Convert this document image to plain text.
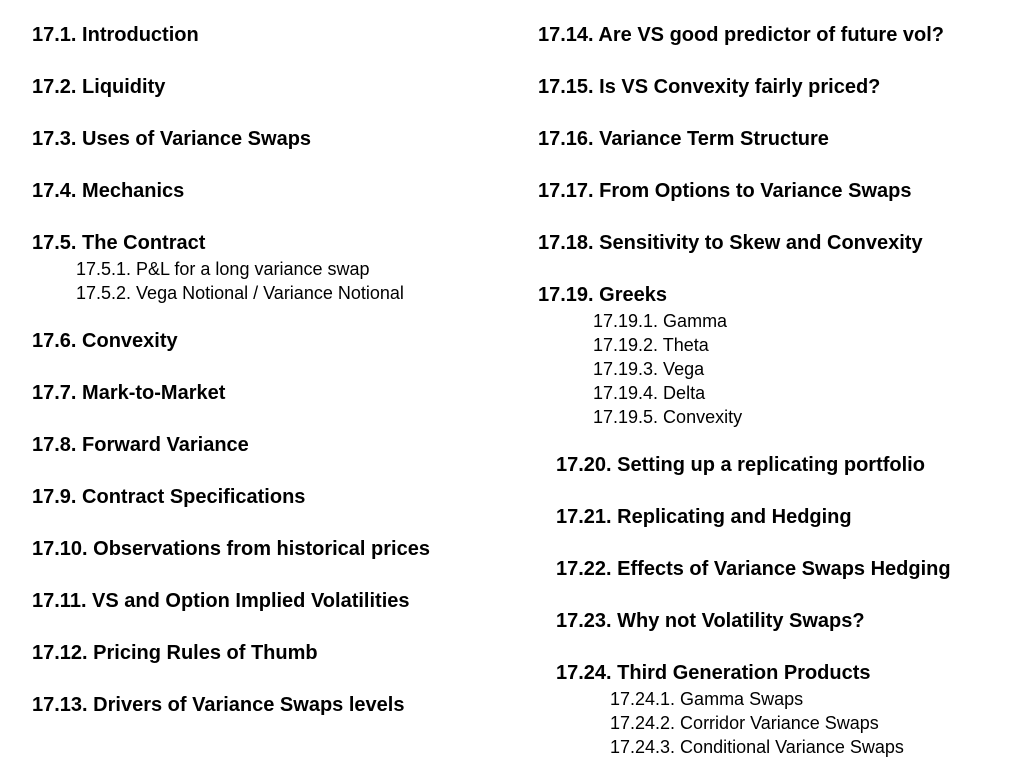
17.1. Introduction
17.2. Liquidity
17.3. Uses of Variance Swaps
17.4. Mechanics
17.5. The Contract
17.5.1. P&L for a long variance swap
17.5.2. Vega Notional / Variance Notional
17.6. Convexity
17.7. Mark-to-Market
17.8. Forward Variance
17.9. Contract Specifications
17.10. Observations from historical prices
17.11. VS and Option Implied Volatilities
17.12. Pricing Rules of Thumb
17.13. Drivers of Variance Swaps levels
17.14. Are VS good predictor of future vol?
17.15. Is VS Convexity fairly priced?
17.16. Variance Term Structure
17.17. From Options to Variance Swaps
17.18. Sensitivity to Skew and Convexity
17.19. Greeks
17.19.1. Gamma
17.19.2. Theta
17.19.3. Vega
17.19.4. Delta
17.19.5. Convexity
17.20. Setting up a replicating portfolio
17.21. Replicating and Hedging
17.22. Effects of Variance Swaps Hedging
17.23. Why not Volatility Swaps?
17.24. Third Generation Products
17.24.1. Gamma Swaps
17.24.2. Corridor Variance Swaps
17.24.3. Conditional Variance Swaps
